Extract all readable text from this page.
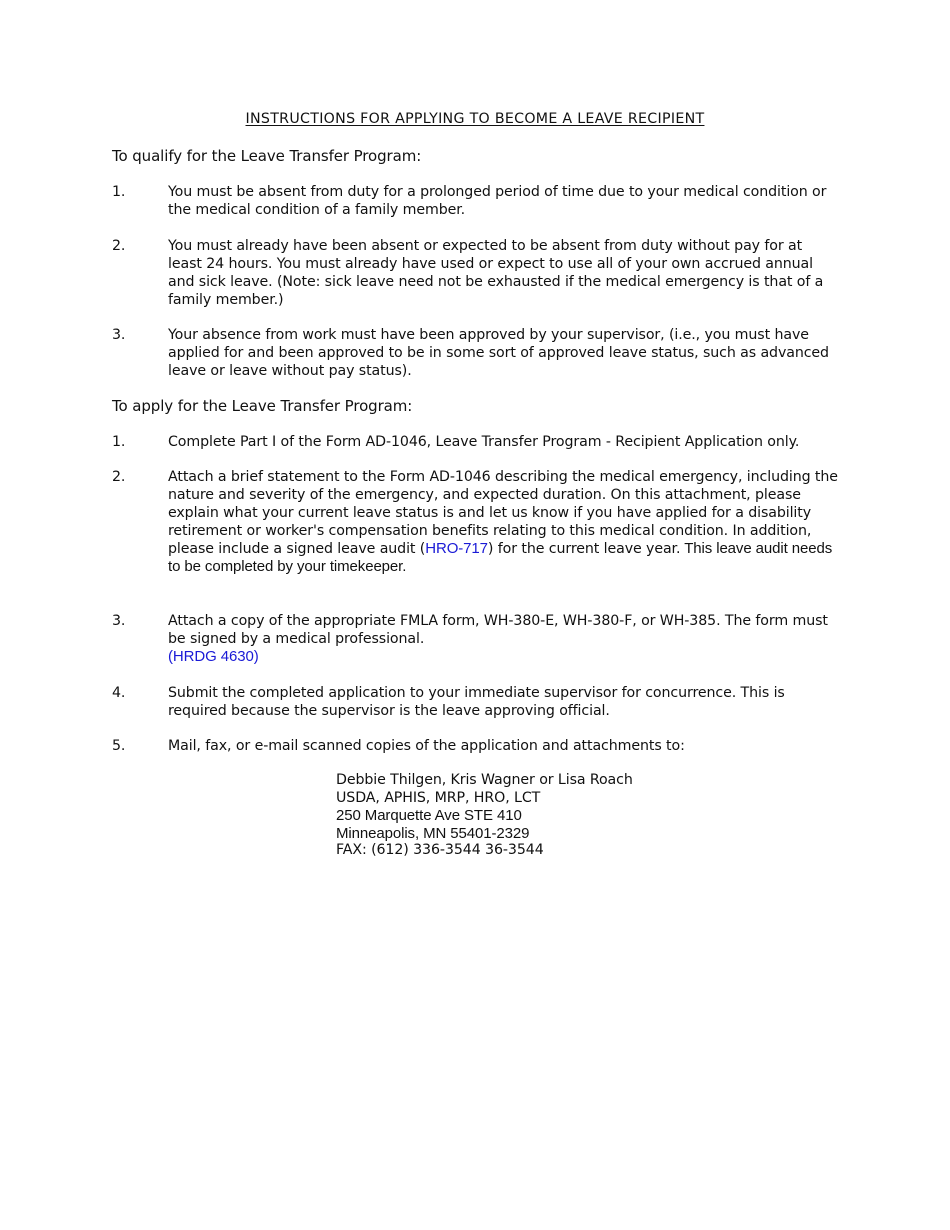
INSTRUCTIONS FOR APPLYING TO BECOME A LEAVE RECIPIENT
To qualify for the Leave Transfer Program:
1.	You must be absent from duty for a prolonged period of time due to your medical condition or the medical condition of a family member.
2.	You must already have been absent or expected to be absent from duty without pay for at least 24 hours. You must already have used or expect to use all of your own accrued annual and sick leave. (Note: sick leave need not be exhausted if the medical emergency is that of a family member.)
3.	Your absence from work must have been approved by your supervisor, (i.e., you must have applied for and been approved to be in some sort of approved leave status, such as advanced leave or leave without pay status).
To apply for the Leave Transfer Program:
1.	Complete Part I of the Form AD-1046, Leave Transfer Program - Recipient Application only.
2.	Attach a brief statement to the Form AD-1046 describing the medical emergency, including the nature and severity of the emergency, and expected duration. On this attachment, please explain what your current leave status is and let us know if you have applied for a disability retirement or worker's compensation benefits relating to this medical condition. In addition, please include a signed leave audit (HRO-717) for the current leave year. This leave audit needs to be completed by your timekeeper.
3.	Attach a copy of the appropriate FMLA form, WH-380-E, WH-380-F, or WH-385. The form must be signed by a medical professional.
(HRDG 4630)
4.	Submit the completed application to your immediate supervisor for concurrence. This is required because the supervisor is the leave approving official.
5.	Mail, fax, or e-mail scanned copies of the application and attachments to:
Debbie Thilgen, Kris Wagner or Lisa Roach
USDA, APHIS, MRP, HRO, LCT
250 Marquette Ave STE 410
Minneapolis, MN 55401-2329
FAX: (612) 336-3544 36-3544
